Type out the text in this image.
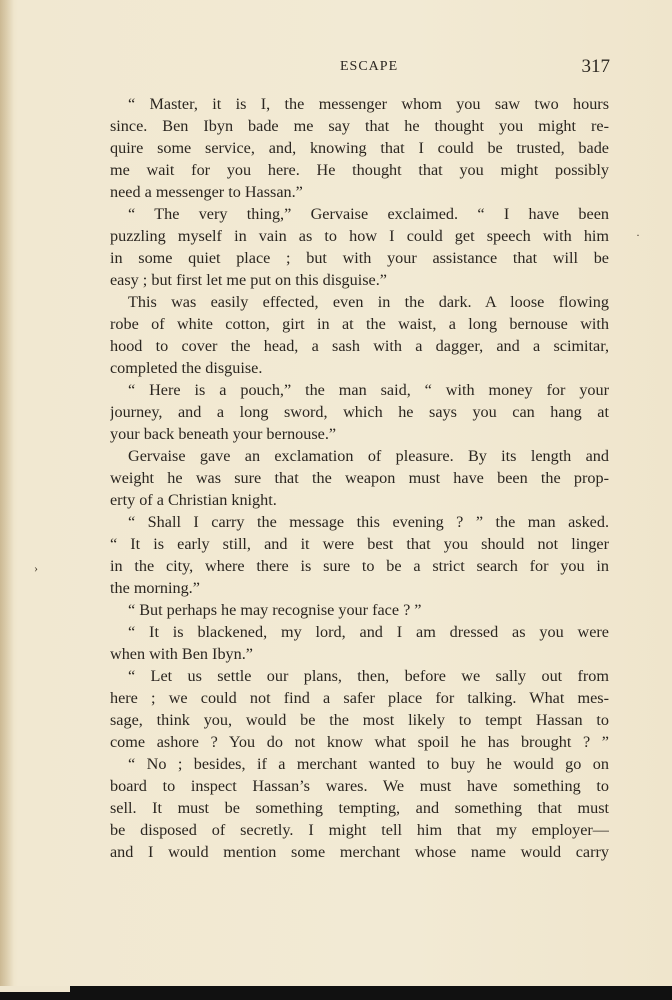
ESCAPE	317
“ Master, it is I, the messenger whom you saw two hours
since. Ben Ibyn bade me say that he thought you might re-
quire some service, and, knowing that I could be trusted, bade
me wait for you here. He thought that you might possibly
need a messenger to Hassan.”
“ The very thing,” Gervaise exclaimed. “ I have been
puzzling myself in vain as to how I could get speech with him
in some quiet place ; but with your assistance that will be
easy ; but first let me put on this disguise.”
This was easily effected, even in the dark. A loose flowing
robe of white cotton, girt in at the waist, a long bernouse with
hood to cover the head, a sash with a dagger, and a scimitar,
completed the disguise.
“ Here is a pouch,” the man said, “ with money for your
journey, and a long sword, which he says you can hang at
your back beneath your bernouse.”
Gervaise gave an exclamation of pleasure. By its length and
weight he was sure that the weapon must have been the prop-
erty of a Christian knight.
“ Shall I carry the message this evening ? ” the man asked.
“ It is early still, and it were best that you should not linger
in the city, where there is sure to be a strict search for you in
the morning.”
“ But perhaps he may recognise your face ? ”
“ It is blackened, my lord, and I am dressed as you were
when with Ben Ibyn.”
“ Let us settle our plans, then, before we sally out from
here ; we could not find a safer place for talking. What mes-
sage, think you, would be the most likely to tempt Hassan to
come ashore ? You do not know what spoil he has brought ? ”
“ No ; besides, if a merchant wanted to buy he would go on
board to inspect Hassan’s wares. We must have something to
sell. It must be something tempting, and something that must
be disposed of secretly. I might tell him that my employer—
and I would mention some merchant whose name would carry
·
›
